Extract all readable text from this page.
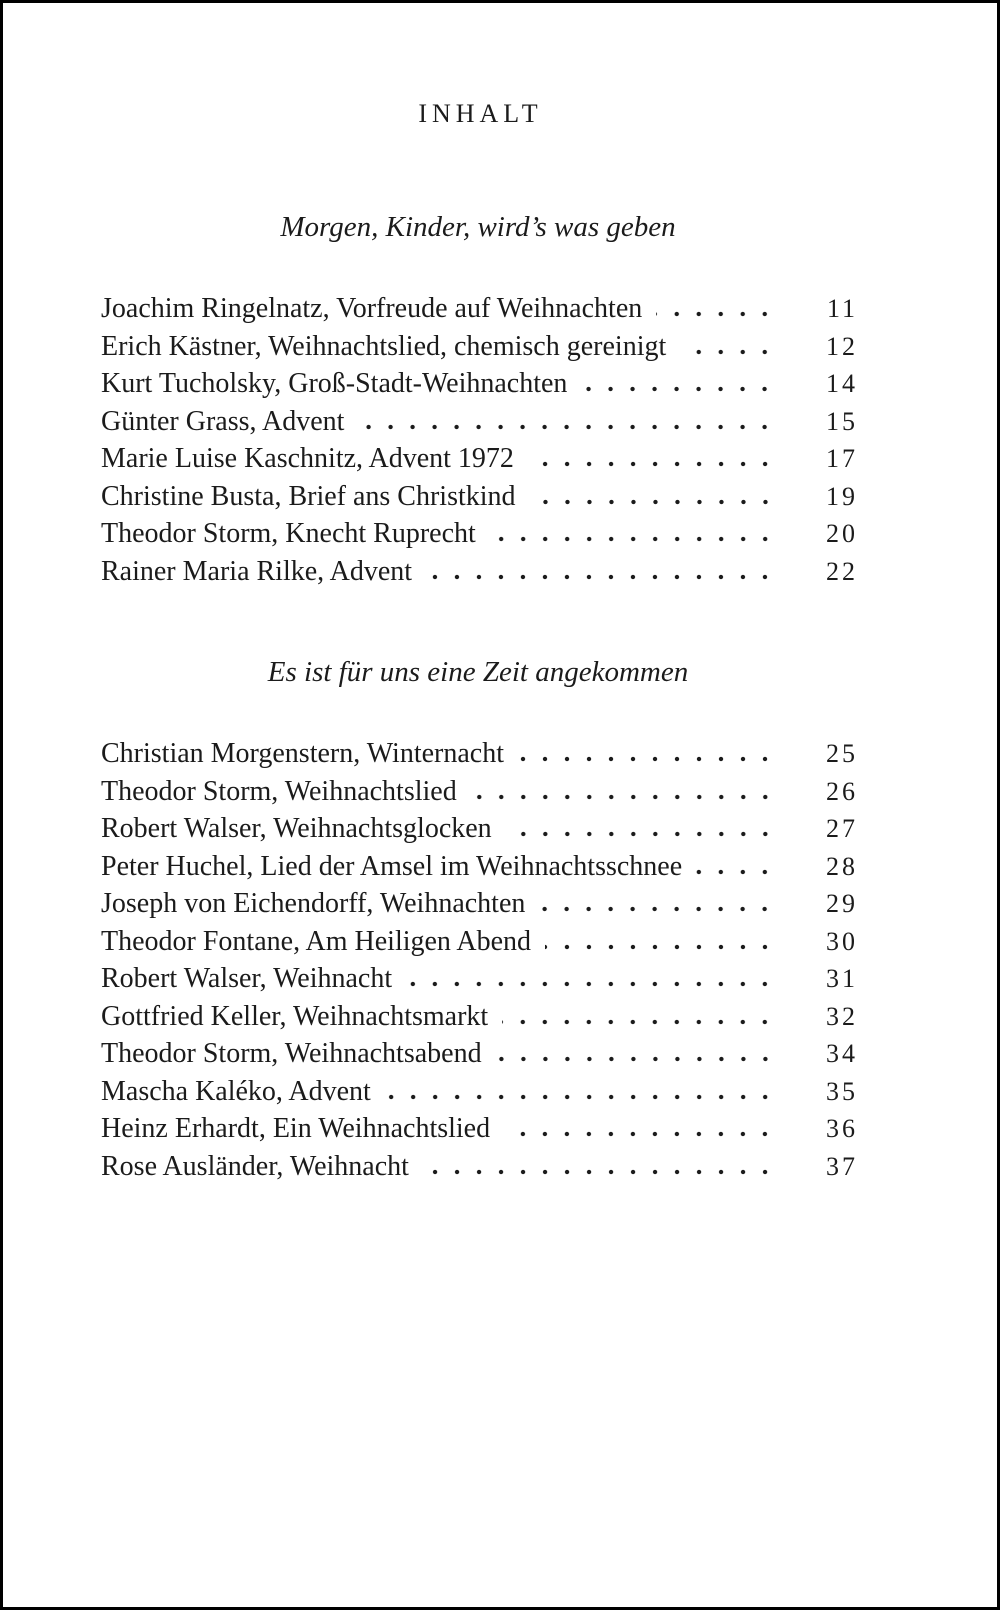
INHALT
Morgen, Kinder, wird’s was geben
Joachim Ringelnatz, Vorfreude auf Weihnachten	11
Erich Kästner, Weihnachtslied, chemisch gereinigt	12
Kurt Tucholsky, Groß-Stadt-Weihnachten	14
Günter Grass, Advent	15
Marie Luise Kaschnitz, Advent 1972	17
Christine Busta, Brief ans Christkind	19
Theodor Storm, Knecht Ruprecht	20
Rainer Maria Rilke, Advent	22
Es ist für uns eine Zeit angekommen
Christian Morgenstern, Winternacht	25
Theodor Storm, Weihnachtslied	26
Robert Walser, Weihnachtsglocken	27
Peter Huchel, Lied der Amsel im Weihnachtsschnee	28
Joseph von Eichendorff, Weihnachten	29
Theodor Fontane, Am Heiligen Abend	30
Robert Walser, Weihnacht	31
Gottfried Keller, Weihnachtsmarkt	32
Theodor Storm, Weihnachtsabend	34
Mascha Kaléko, Advent	35
Heinz Erhardt, Ein Weihnachtslied	36
Rose Ausländer, Weihnacht	37
